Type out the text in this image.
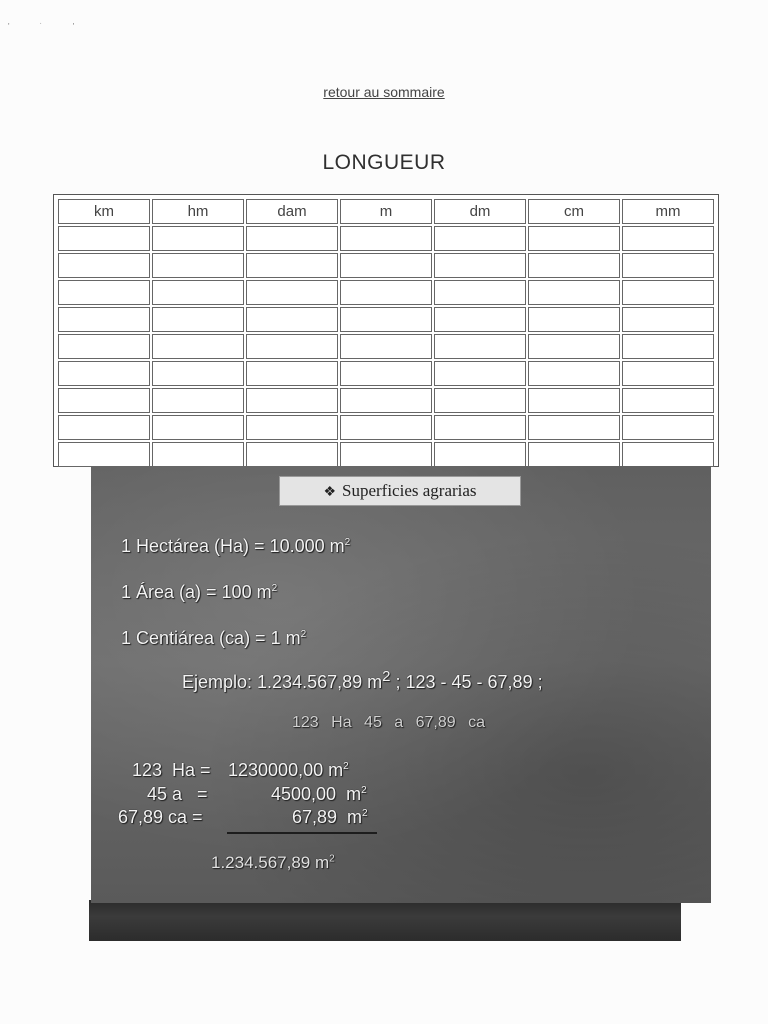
' ˙ '
retour au sommaire
LONGUEUR
km	hm	dam	m	dm	cm	mm

❖ Superficies agrarias
1 Hectárea (Ha) = 10.000 $m^2$
1 Área (a) = 100 $m^2$
1 Centiárea (ca) = 1 $m^2$
Ejemplo: 1.234.567,89 $m^2$ ; 123 - 45 - 67,89 ;
123 Ha 45 a 67,89 ca
123  Ha = 1230000,00 $m^2$
45 a   =	4500,00  $m^2$
67,89 ca =	67,89  $m^2$
1.234.567,89 $m^2$
